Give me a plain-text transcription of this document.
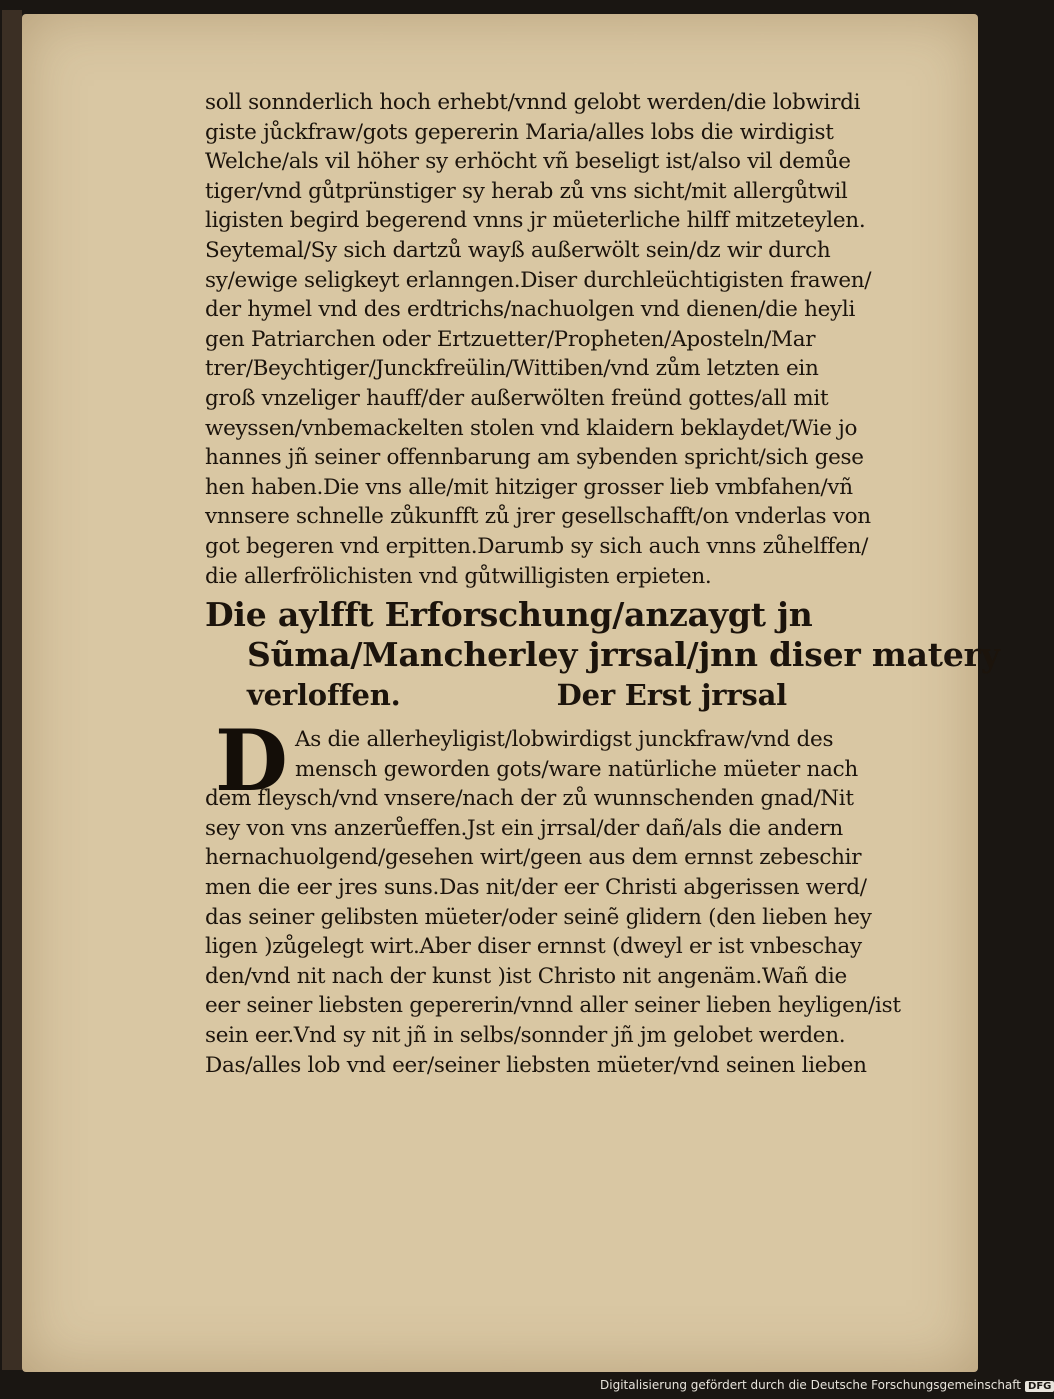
soll sonnderlich hoch erhebt/vnnd gelobt werden/die lobwirdi
giste jůckfraw/gots gepererin Maria/alles lobs die wirdigist
Welche/als vil höher sy erhöcht vñ beseligt ist/also vil demůe
tiger/vnd gůtprünstiger sy herab zů vns sicht/mit allergůtwil
ligisten begird begerend vnns jr müeterliche hilff mitzeteylen.
Seytemal/Sy sich dartzů wayß außerwölt sein/dz wir durch
sy/ewige seligkeyt erlanngen.Diser durchleüchtigisten frawen/
der hymel vnd des erdtrichs/nachuolgen vnd dienen/die heyli
gen Patriarchen oder Ertzuetter/Propheten/Aposteln/Mar
trer/Beychtiger/Junckfreülin/Wittiben/vnd zům letzten ein
groß vnzeliger hauff/der außerwölten freünd gottes/all mit
weyssen/vnbemackelten stolen vnd klaidern beklaydet/Wie jo
hannes jñ seiner offennbarung am sybenden spricht/sich gese
hen haben.Die vns alle/mit hitziger grosser lieb vmbfahen/vñ
vnnsere schnelle zůkunfft zů jrer gesellschafft/on vnderlas von
got begeren vnd erpitten.Darumb sy sich auch vnns zůhelffen/
die allerfrölichisten vnd gůtwilligisten erpieten.
Die aylfft Erforschung/anzaygt jn
Sũma/Mancherley jrrsal/jnn diser matery
verloffen.	Der Erst jrrsal
D As die allerheyligist/lobwirdigst junckfraw/vnd des
mensch geworden gots/ware natürliche müeter nach
dem fleysch/vnd vnsere/nach der zů wunnschenden gnad/Nit
sey von vns anzerůeffen.Jst ein jrrsal/der dañ/als die andern
hernachuolgend/gesehen wirt/geen aus dem ernnst zebeschir
men die eer jres suns.Das nit/der eer Christi abgerissen werd/
das seiner gelibsten müeter/oder seinẽ glidern (den lieben hey
ligen )zůgelegt wirt.Aber diser ernnst (dweyl er ist vnbeschay
den/vnd nit nach der kunst )ist Christo nit angenäm.Wañ die
eer seiner liebsten gepererin/vnnd aller seiner lieben heyligen/ist
sein eer.Vnd sy nit jñ in selbs/sonnder jñ jm gelobet werden.
Das/alles lob vnd eer/seiner liebsten müeter/vnd seinen lieben
Digitalisierung gefördert durch die Deutsche Forschungsgemeinschaft DFG
